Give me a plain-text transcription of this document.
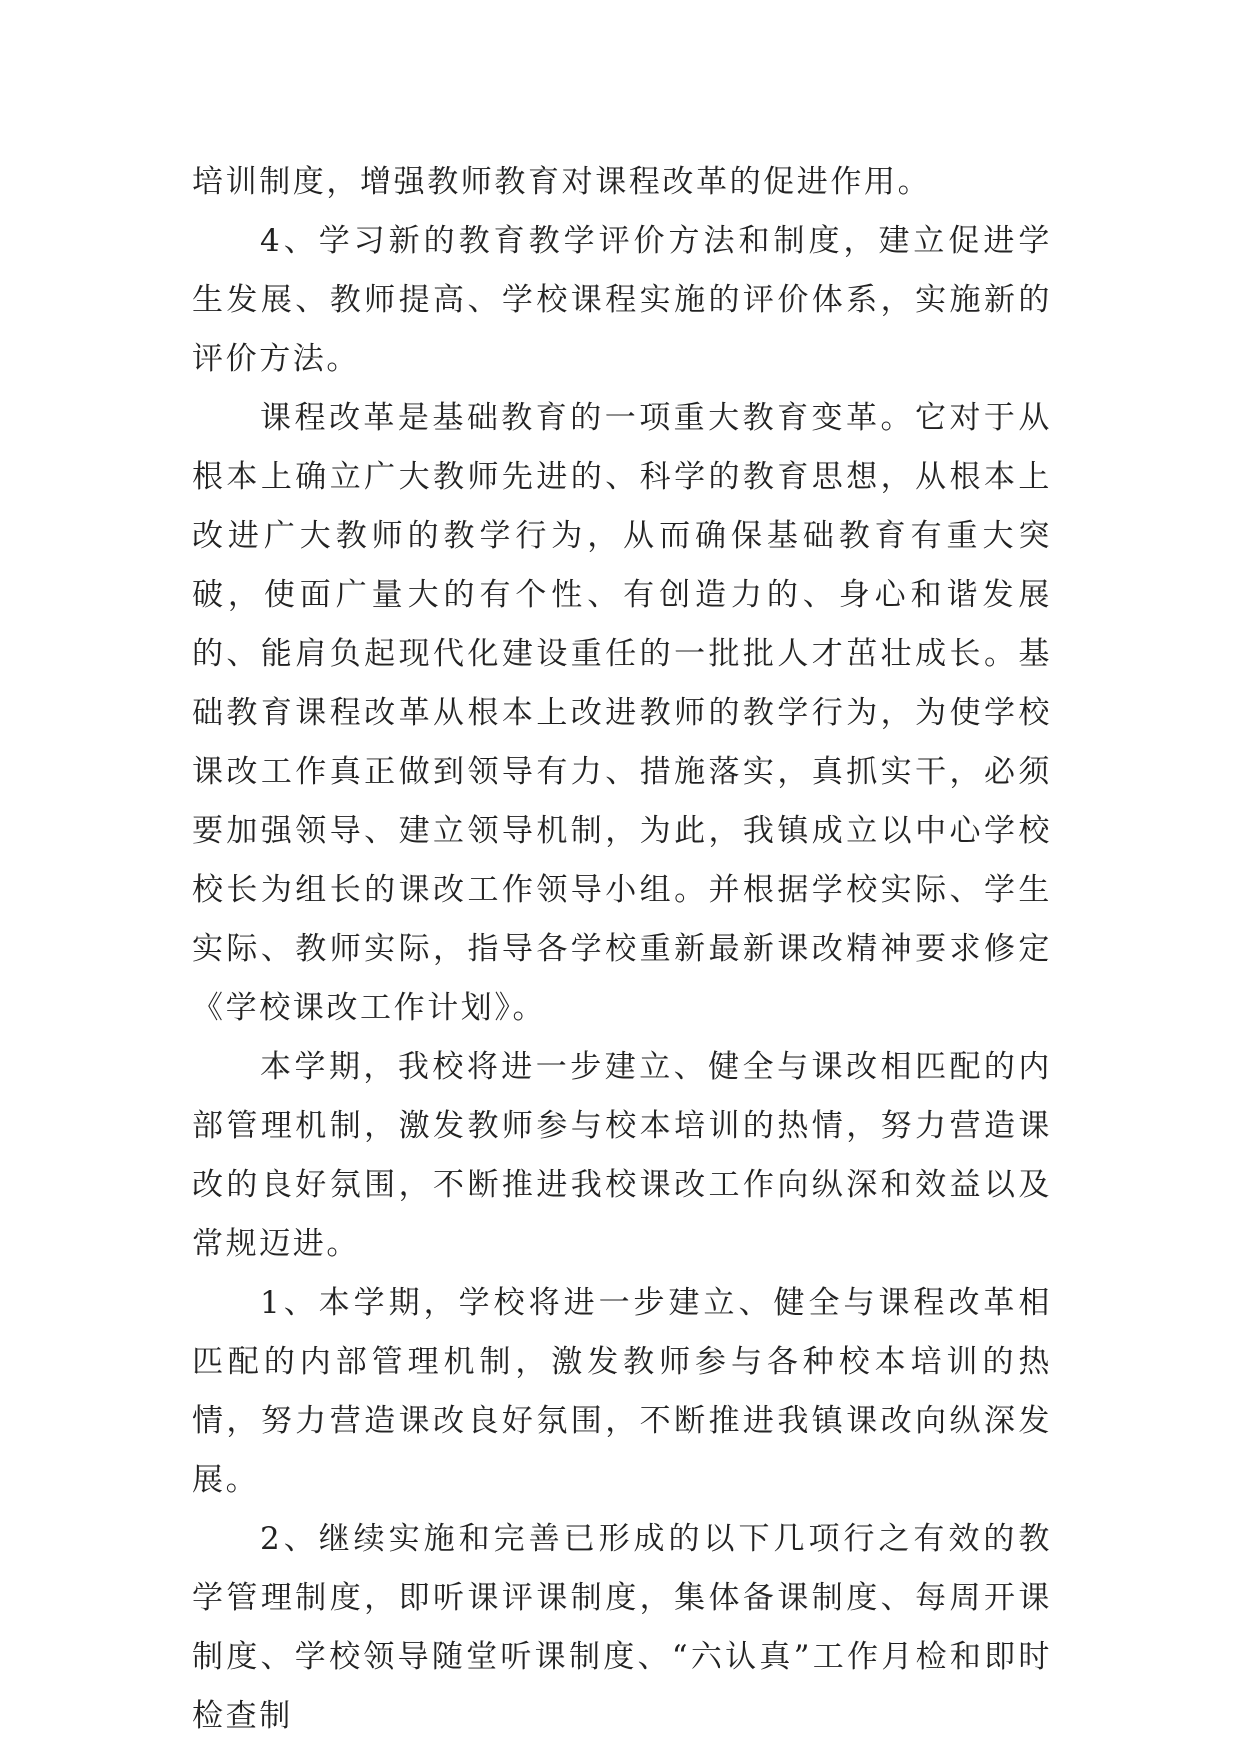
培训制度，增强教师教育对课程改革的促进作用。

4、学习新的教育教学评价方法和制度，建立促进学生发展、教师提高、学校课程实施的评价体系，实施新的评价方法。

课程改革是基础教育的一项重大教育变革。它对于从根本上确立广大教师先进的、科学的教育思想，从根本上改进广大教师的教学行为，从而确保基础教育有重大突破，使面广量大的有个性、有创造力的、身心和谐发展的、能肩负起现代化建设重任的一批批人才茁壮成长。基础教育课程改革从根本上改进教师的教学行为，为使学校课改工作真正做到领导有力、措施落实，真抓实干，必须要加强领导、建立领导机制，为此，我镇成立以中心学校校长为组长的课改工作领导小组。并根据学校实际、学生实际、教师实际，指导各学校重新最新课改精神要求修定《学校课改工作计划》。

本学期，我校将进一步建立、健全与课改相匹配的内部管理机制，激发教师参与校本培训的热情，努力营造课改的良好氛围，不断推进我校课改工作向纵深和效益以及常规迈进。

1、本学期，学校将进一步建立、健全与课程改革相匹配的内部管理机制，激发教师参与各种校本培训的热情，努力营造课改良好氛围，不断推进我镇课改向纵深发展。

2、继续实施和完善已形成的以下几项行之有效的教学管理制度，即听课评课制度，集体备课制度、每周开课制度、学校领导随堂听课制度、“六认真”工作月检和即时检查制
